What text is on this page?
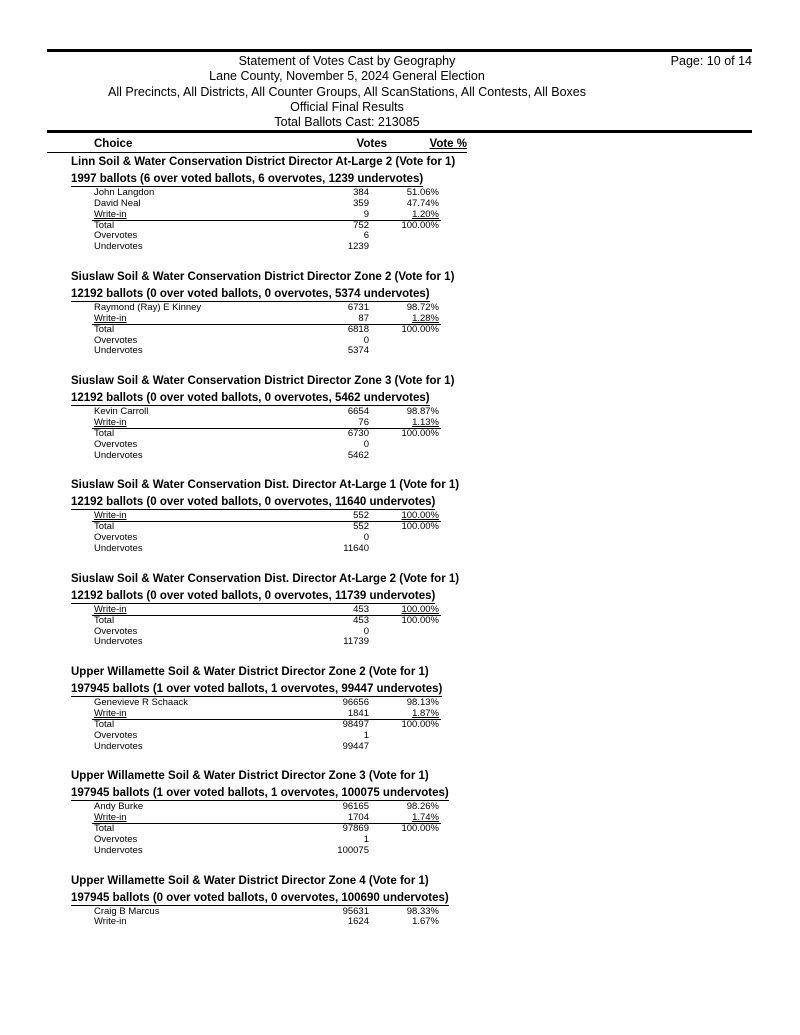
Statement of Votes Cast by Geography
Lane County, November 5, 2024 General Election
All Precincts, All Districts, All Counter Groups, All ScanStations, All Contests, All Boxes
Official Final Results
Total Ballots Cast: 213085
Page: 10 of 14
Choice	Votes	Vote %
Linn Soil & Water Conservation District Director At-Large 2 (Vote for 1)
1997 ballots (6 over voted ballots, 6 overvotes, 1239 undervotes)
John Langdon	384	51.06%
David Neal	359	47.74%
Write-in	9	1.20%
Total	752	100.00%
Overvotes	6
Undervotes	1239
Siuslaw Soil & Water Conservation District Director Zone 2 (Vote for 1)
12192 ballots (0 over voted ballots, 0 overvotes, 5374 undervotes)
Raymond (Ray) E Kinney	6731	98.72%
Write-in	87	1.28%
Total	6818	100.00%
Overvotes	0
Undervotes	5374
Siuslaw Soil & Water Conservation District Director Zone 3 (Vote for 1)
12192 ballots (0 over voted ballots, 0 overvotes, 5462 undervotes)
Kevin Carroll	6654	98.87%
Write-in	76	1.13%
Total	6730	100.00%
Overvotes	0
Undervotes	5462
Siuslaw Soil & Water Conservation Dist. Director At-Large 1 (Vote for 1)
12192 ballots (0 over voted ballots, 0 overvotes, 11640 undervotes)
Write-in	552	100.00%
Total	552	100.00%
Overvotes	0
Undervotes	11640
Siuslaw Soil & Water Conservation Dist. Director At-Large 2 (Vote for 1)
12192 ballots (0 over voted ballots, 0 overvotes, 11739 undervotes)
Write-in	453	100.00%
Total	453	100.00%
Overvotes	0
Undervotes	11739
Upper Willamette Soil & Water District Director Zone 2 (Vote for 1)
197945 ballots (1 over voted ballots, 1 overvotes, 99447 undervotes)
Genevieve R Schaack	96656	98.13%
Write-in	1841	1.87%
Total	98497	100.00%
Overvotes	1
Undervotes	99447
Upper Willamette Soil & Water District Director Zone 3 (Vote for 1)
197945 ballots (1 over voted ballots, 1 overvotes, 100075 undervotes)
Andy Burke	96165	98.26%
Write-in	1704	1.74%
Total	97869	100.00%
Overvotes	1
Undervotes	100075
Upper Willamette Soil & Water District Director Zone 4 (Vote for 1)
197945 ballots (0 over voted ballots, 0 overvotes, 100690 undervotes)
Craig B Marcus	95631	98.33%
Write-in	1624	1.67%
